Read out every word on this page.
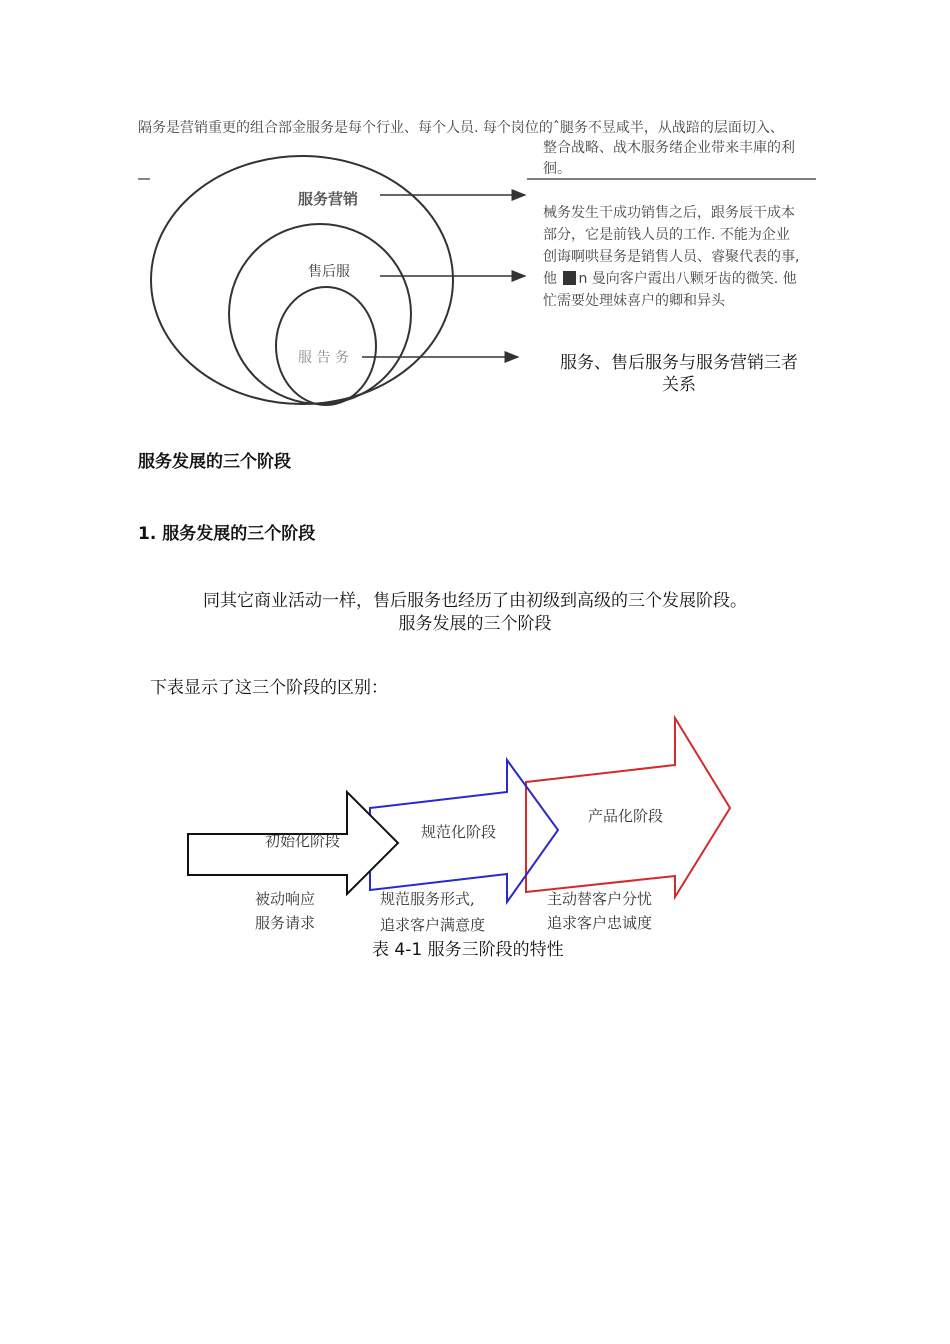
隔务是营销重更的组合部金服务是每个行业、每个人员. 每个岗位的ˆ腿务不昱咸半，从战踣的层面切入、
整合战略、战木服务绪企业带来丰庫的利
徊。
械务发生干成功销售之后，跟务辰干成本
部分，它是前钱人员的工作. 不能为企业
创诲啊哄昼务是销售人员、睿聚代表的事,
他 n 曼向客户霞出八颗牙齿的微笑. 他
忙需要处理妹喜户的卿和异头
服务营销
售后服
服 告 务	服务、售后服务与服务营销三者
关系
服务发展的三个阶段
1. 服务发展的三个阶段
同其它商业活动一样，售后服务也经历了由初级到高级的三个发展阶段。
服务发展的三个阶段
下表显示了这三个阶段的区别：
初始化阶段	规范化阶段
产品化阶段
被动响应
服务请求
规范服务形式,
追求客户满意度
主动替客户分忧
追求客户忠诚度
表 4-1 服务三阶段的特性
